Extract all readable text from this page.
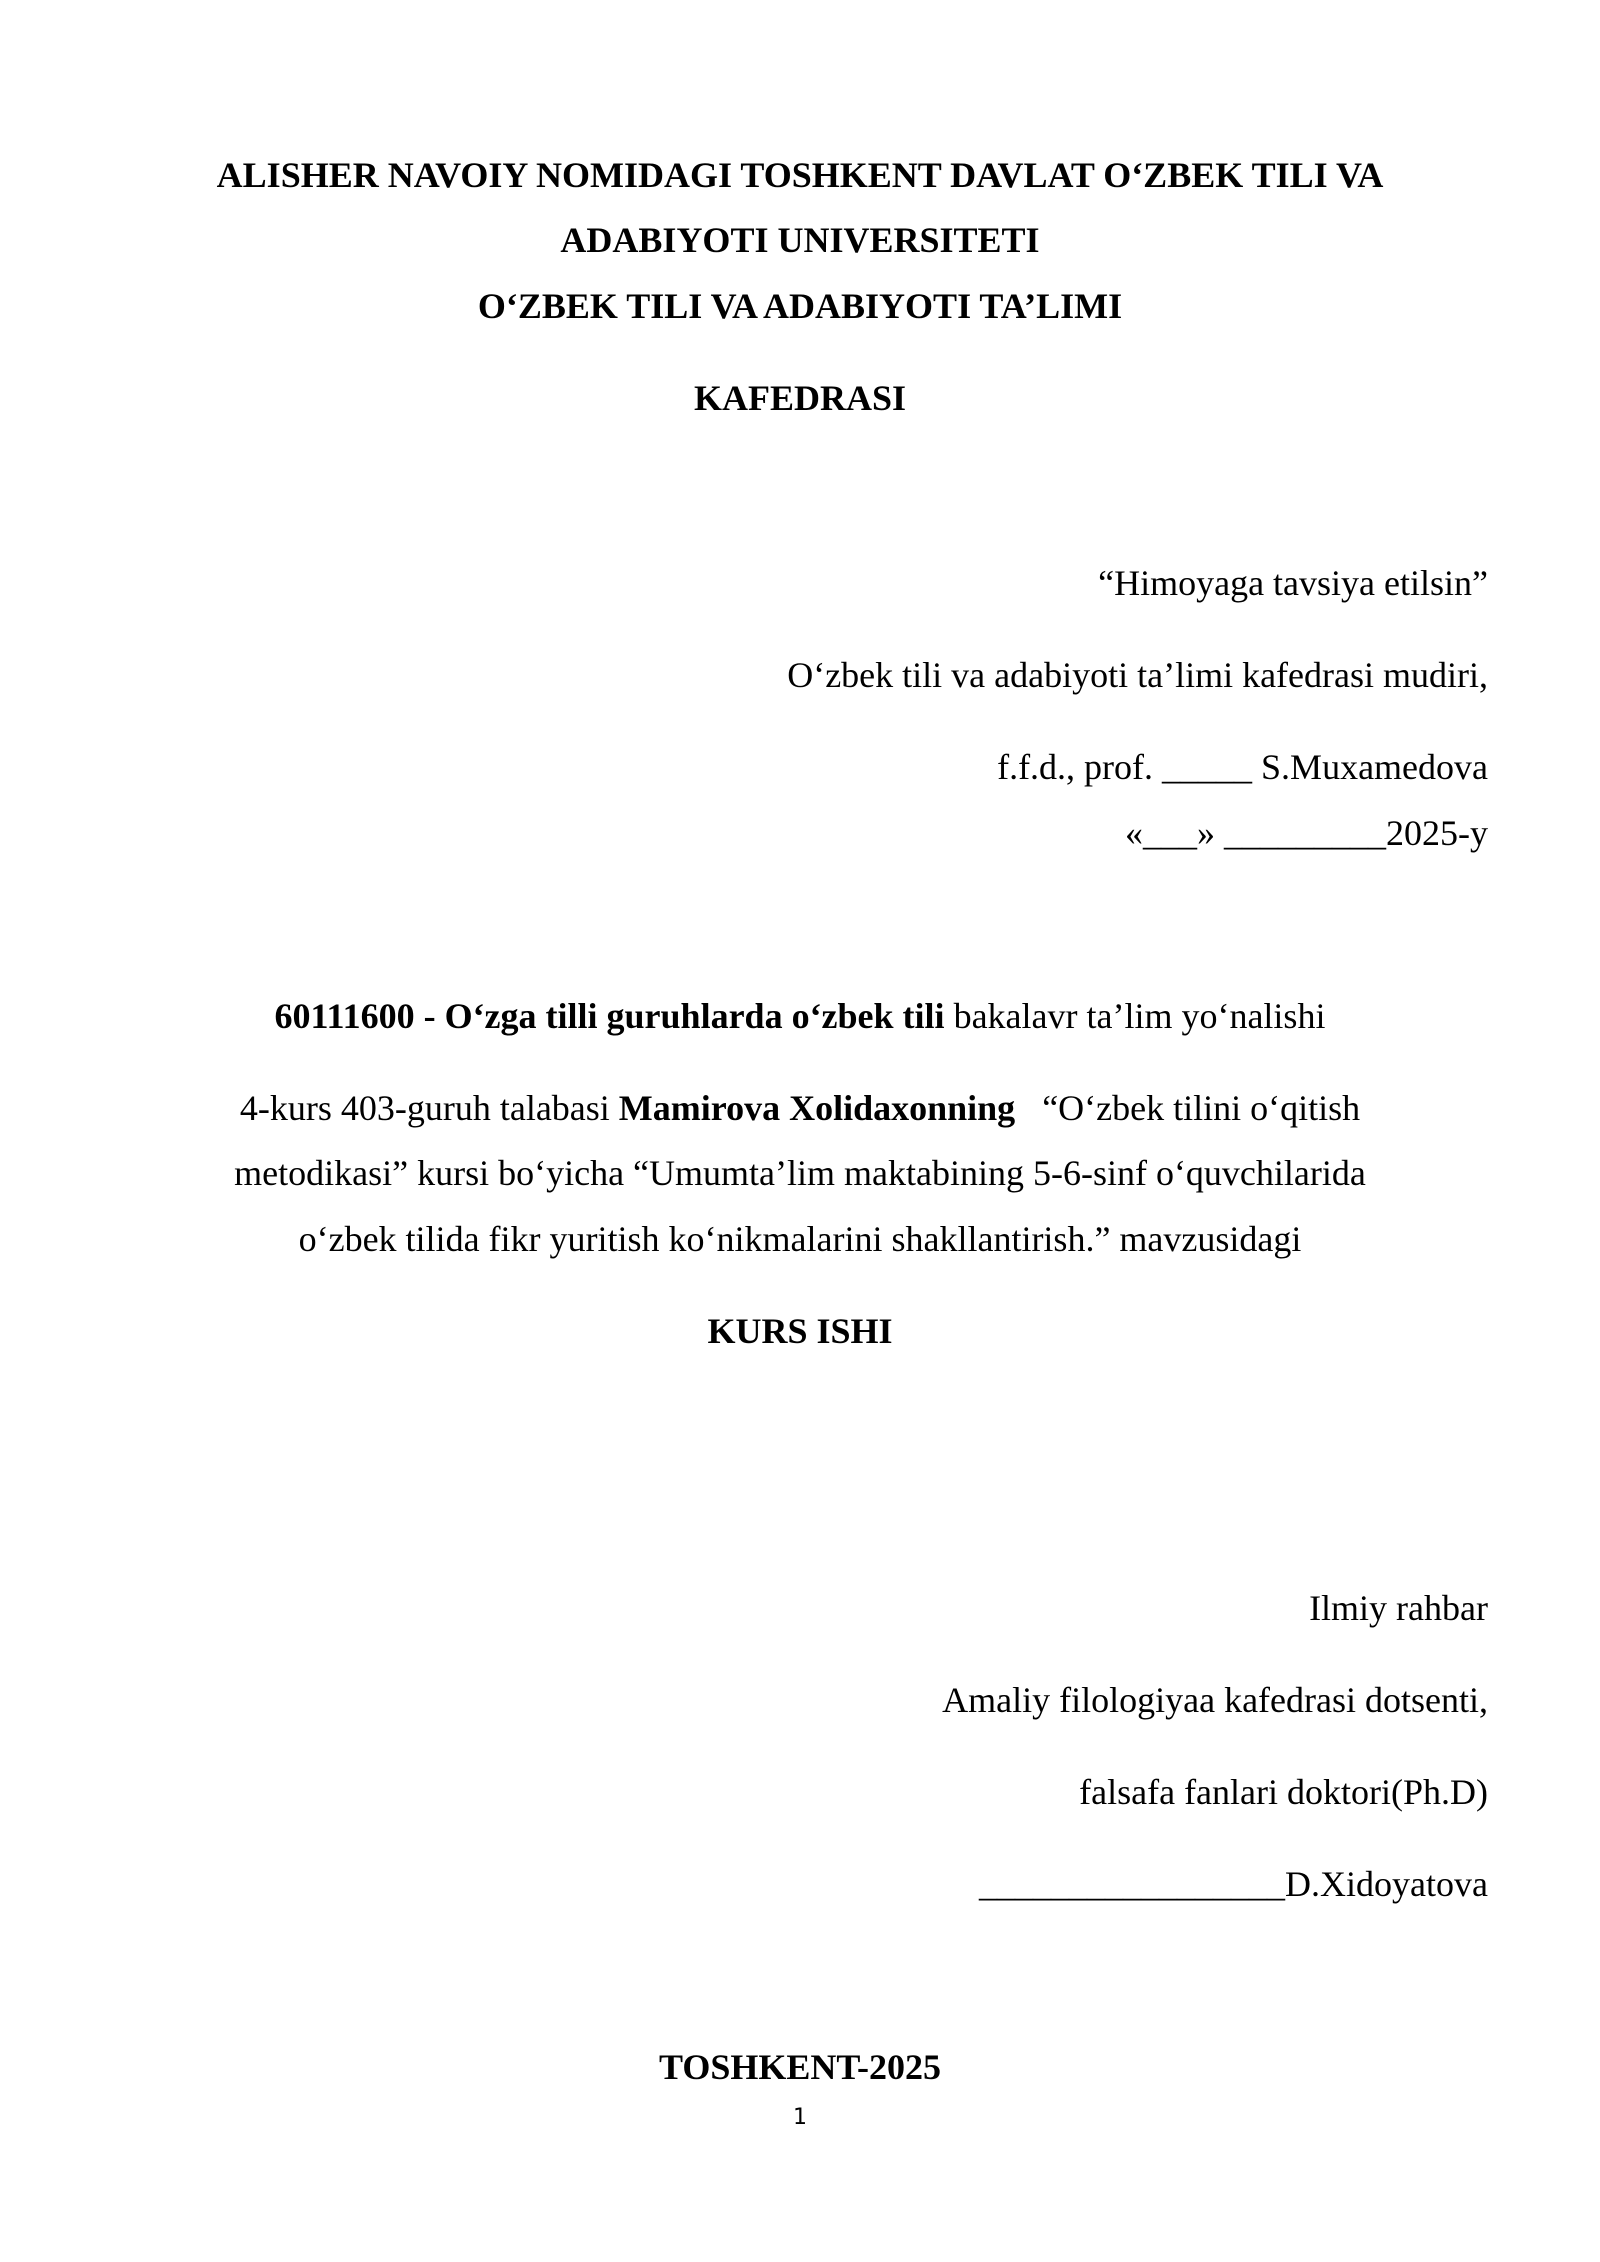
ALISHER NAVOIY NOMIDAGI TOSHKENT DAVLAT O‘ZBEK TILI VA
ADABIYOTI UNIVERSITETI
O‘ZBEK TILI VA ADABIYOTI TA’LIMI
KAFEDRASI
“Himoyaga tavsiya etilsin”
O‘zbek tili va adabiyoti ta’limi kafedrasi mudiri,
f.f.d., prof. _____ S.Muxamedova
«___» _________2025-y
60111600 - O‘zga tilli guruhlarda o‘zbek tili bakalavr ta’lim yo‘nalishi
4-kurs 403-guruh talabasi Mamirova Xolidaxonning   “O‘zbek tilini o‘qitish
metodikasi” kursi bo‘yicha “Umumta’lim maktabining 5-6-sinf o‘quvchilarida
o‘zbek tilida fikr yuritish ko‘nikmalarini shakllantirish.” mavzusidagi
KURS ISHI
Ilmiy rahbar
Amaliy filologiyaa kafedrasi dotsenti,
falsafa fanlari doktori(Ph.D)
_________________D.Xidoyatova
TOSHKENT-2025
1
